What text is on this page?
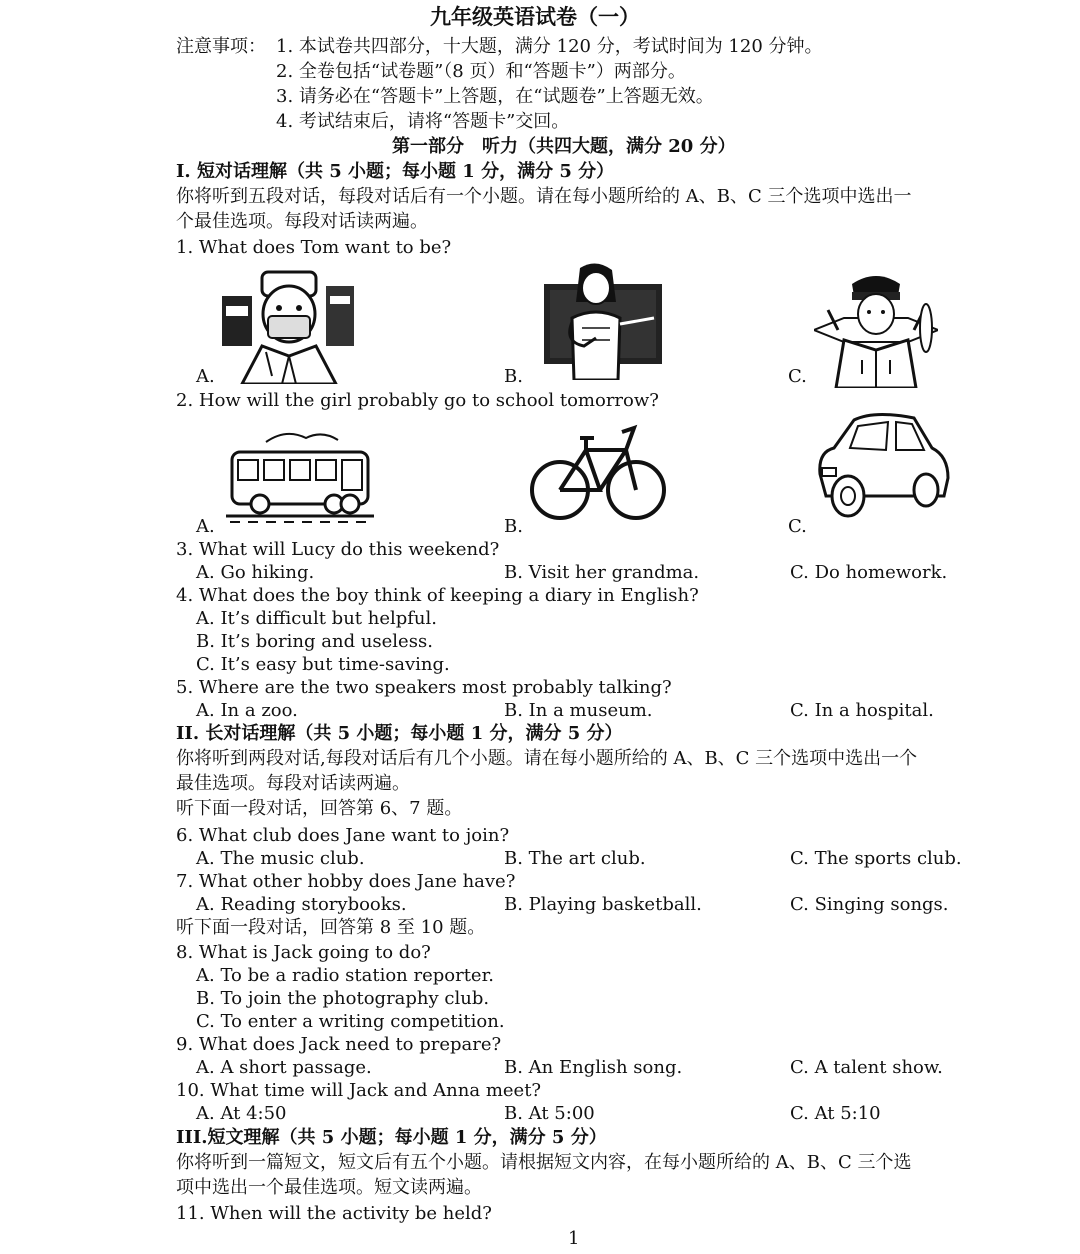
九年级英语试卷（一）
注意事项： 1. 本试卷共四部分，十大题，满分 120 分，考试时间为 120 分钟。
2. 全卷包括“试卷题”（8 页）和“答题卡”）两部分。
3. 请务必在“答题卡”上答题，在“试题卷”上答题无效。
4. 考试结束后，请将“答题卡”交回。
第一部分　听力（共四大题，满分 20 分）
I. 短对话理解（共 5 小题；每小题 1 分，满分 5 分）
你将听到五段对话，每段对话后有一个小题。请在每小题所给的 A、B、C 三个选项中选出一
个最佳选项。每段对话读两遍。
1. What does Tom want to be?
A.	B.	C.
2. How will the girl probably go to school tomorrow?
A.	B.	C.
3. What will Lucy do this weekend?
A. Go hiking.	B. Visit her grandma.	C. Do homework.
4. What does the boy think of keeping a diary in English?
A. It’s difficult but helpful.
B. It’s boring and useless.
C. It’s easy but time-saving.
5. Where are the two speakers most probably talking?
A. In a zoo.	B. In a museum.	C. In a hospital.
II. 长对话理解（共 5 小题；每小题 1 分，满分 5 分）
你将听到两段对话,每段对话后有几个小题。请在每小题所给的 A、B、C 三个选项中选出一个
最佳选项。每段对话读两遍。
听下面一段对话，回答第 6、7 题。
6. What club does Jane want to join?
A. The music club.	B. The art club.	C. The sports club.
7. What other hobby does Jane have?
A. Reading storybooks.	B. Playing basketball.	C. Singing songs.
听下面一段对话，回答第 8 至 10 题。
8. What is Jack going to do?
A. To be a radio station reporter.
B. To join the photography club.
C. To enter a writing competition.
9. What does Jack need to prepare?
A. A short passage.	B. An English song.	C. A talent show.
10. What time will Jack and Anna meet?
A. At 4:50	B. At 5:00	C. At 5:10
III.短文理解（共 5 小题；每小题 1 分，满分 5 分）
你将听到一篇短文，短文后有五个小题。请根据短文内容，在每小题所给的 A、B、C 三个选
项中选出一个最佳选项。短文读两遍。
11. When will the activity be held?
1
